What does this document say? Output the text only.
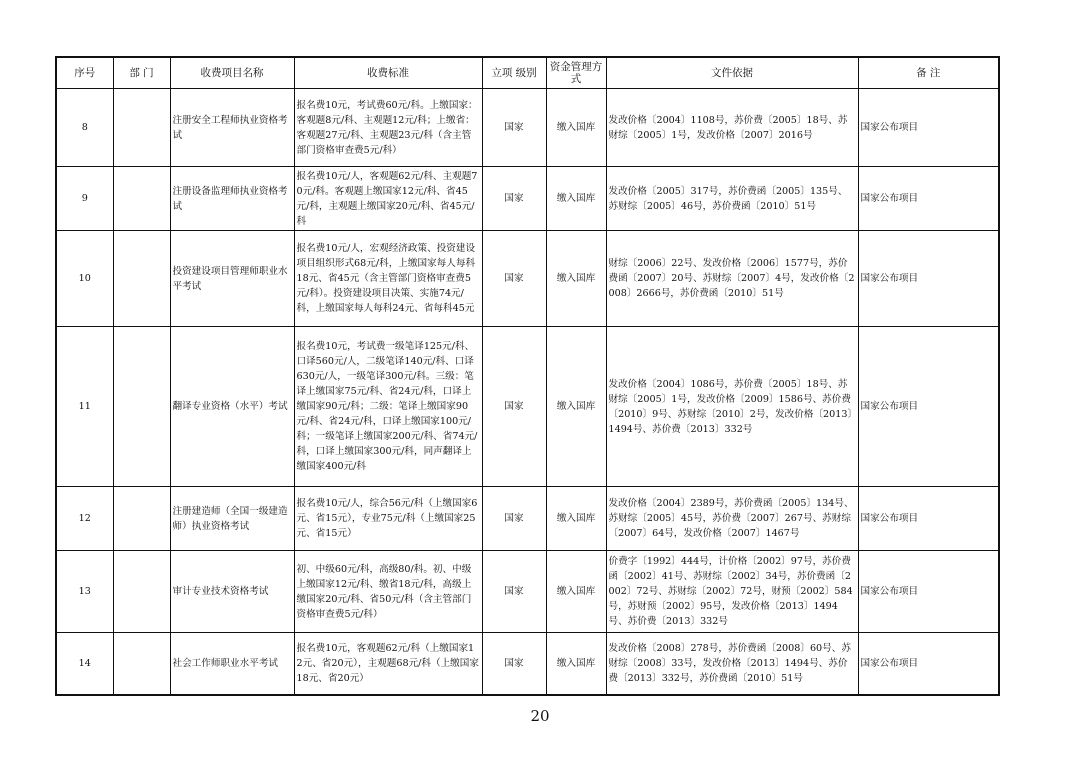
序号	部 门	收费项目名称	收费标准	立项 级别	资金管理方式	文件依据	备 注
8		注册安全工程师执业资格考试	报名费10元，考试费60元/科。上缴国家：客观题8元/科、主观题12元/科；上缴省：客观题27元/科、主观题23元/科（含主管部门资格审查费5元/科）	国家	缴入国库	发改价格〔2004〕1108号，苏价费〔2005〕18号、苏财综〔2005〕1号，发改价格〔2007〕2016号	国家公布项目
9		注册设备监理师执业资格考试	报名费10元/人，客观题62元/科、主观题70元/科。客观题上缴国家12元/科、省45元/科，主观题上缴国家20元/科、省45元/科	国家	缴入国库	发改价格〔2005〕317号，苏价费函〔2005〕135号、苏财综〔2005〕46号，苏价费函〔2010〕51号	国家公布项目
10		投资建设项目管理师职业水平考试	报名费10元/人，宏观经济政策、投资建设项目组织形式68元/科，上缴国家每人每科18元、省45元（含主管部门资格审查费5元/科）。投资建设项目决策、实施74元/科，上缴国家每人每科24元、省每科45元	国家	缴入国库	财综〔2006〕22号、发改价格〔2006〕1577号，苏价费函〔2007〕20号、苏财综〔2007〕4号，发改价格〔2008〕2666号，苏价费函〔2010〕51号	国家公布项目
11		翻译专业资格（水平）考试	报名费10元，考试费一级笔译125元/科、口译560元/人，二级笔译140元/科、口译630元/人，一级笔译300元/科。三级：笔译上缴国家75元/科、省24元/科，口译上缴国家90元/科；二级：笔译上缴国家90元/科、省24元/科，口译上缴国家100元/科；一级笔译上缴国家200元/科、省74元/科，口译上缴国家300元/科，同声翻译上缴国家400元/科	国家	缴入国库	发改价格〔2004〕1086号，苏价费〔2005〕18号、苏财综〔2005〕1号，发改价格〔2009〕1586号、苏价费〔2010〕9号、苏财综〔2010〕2号，发改价格〔2013〕1494号、苏价费〔2013〕332号	国家公布项目
12		注册建造师（全国一级建造师）执业资格考试	报名费10元/人，综合56元/科（上缴国家6元、省15元），专业75元/科（上缴国家25元、省15元）	国家	缴入国库	发改价格〔2004〕2389号，苏价费函〔2005〕134号、苏财综〔2005〕45号，苏价费〔2007〕267号、苏财综〔2007〕64号，发改价格〔2007〕1467号	国家公布项目
13		审计专业技术资格考试	初、中级60元/科，高级80/科。初、中级上缴国家12元/科、缴省18元/科，高级上缴国家20元/科、省50元/科（含主管部门资格审查费5元/科）	国家	缴入国库	价费字〔1992〕444号，计价格〔2002〕97号，苏价费函〔2002〕41号、苏财综〔2002〕34号，苏价费函〔2002〕72号、苏财综〔2002〕72号，财预〔2002〕584号，苏财预〔2002〕95号，发改价格〔2013〕1494号、苏价费〔2013〕332号	国家公布项目
14		社会工作师职业水平考试	报名费10元，客观题62元/科（上缴国家12元、省20元），主观题68元/科（上缴国家18元、省20元）	国家	缴入国库	发改价格〔2008〕278号，苏价费函〔2008〕60号、苏财综〔2008〕33号，发改价格〔2013〕1494号、苏价费〔2013〕332号，苏价费函〔2010〕51号	国家公布项目
20
